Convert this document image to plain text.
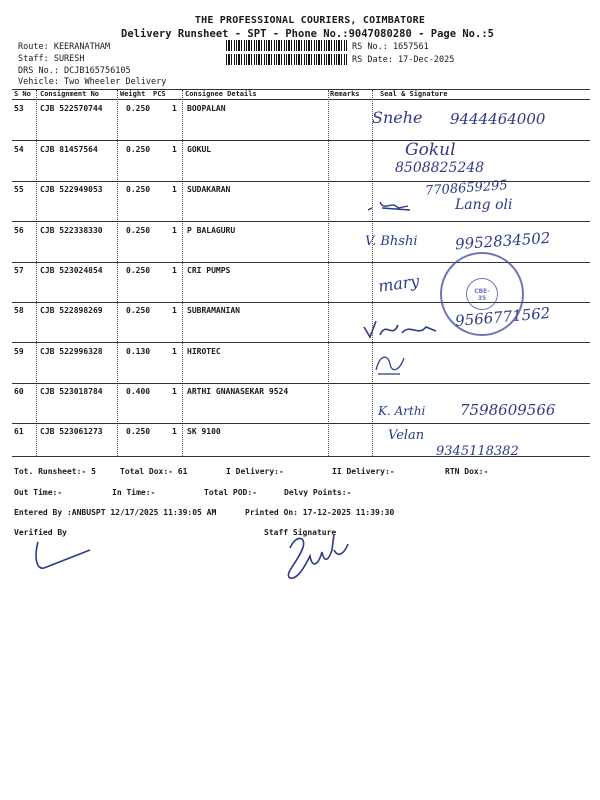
THE PROFESSIONAL COURIERS, COIMBATORE
Delivery Runsheet - SPT - Phone No.:9047080280 - Page No.:5
Route: KEERANATHAM
Staff: SURESH
DRS No.: DCJB165756105
Vehicle: Two Wheeler Delivery
RS No.: 1657561
RS Date: 17-Dec-2025
S No Consignment No	Weight PCS	Consignee Details	Remarks	Seal & Signature
53 CJB 522570744	0.250	1 BOOPALAN
54 CJB 81457564	0.250	1 GOKUL
55 CJB 522949053	0.250	1 SUDAKARAN
56 CJB 522338330	0.250	1 P BALAGURU
57 CJB 523024854	0.250	1 CRI PUMPS
58 CJB 522898269	0.250	1 SUBRAMANIAN
59 CJB 522996328	0.130	1 HIROTEC
60 CJB 523018784	0.400	1 ARTHI GNANASEKAR 9524
61 CJB 523061273	0.250	1 SK 9100
Snehe 9444464000
Gokul
8508825248
7708659295
Lang oli
V. Bhshi 9952834502
mary
9566771562
K. Arthi 7598609566
Velan
9345118382
CBE-35
Tot. Runsheet:- 5	Total Dox:- 61	I Delivery:-	II Delivery:-	RTN Dox:-
Out Time:-	In Time:-	Total POD:-	Delvy Points:-
Entered By :ANBUSPT 12/17/2025 11:39:05 AM	Printed On: 17-12-2025 11:39:30
Verified By	Staff Signature
